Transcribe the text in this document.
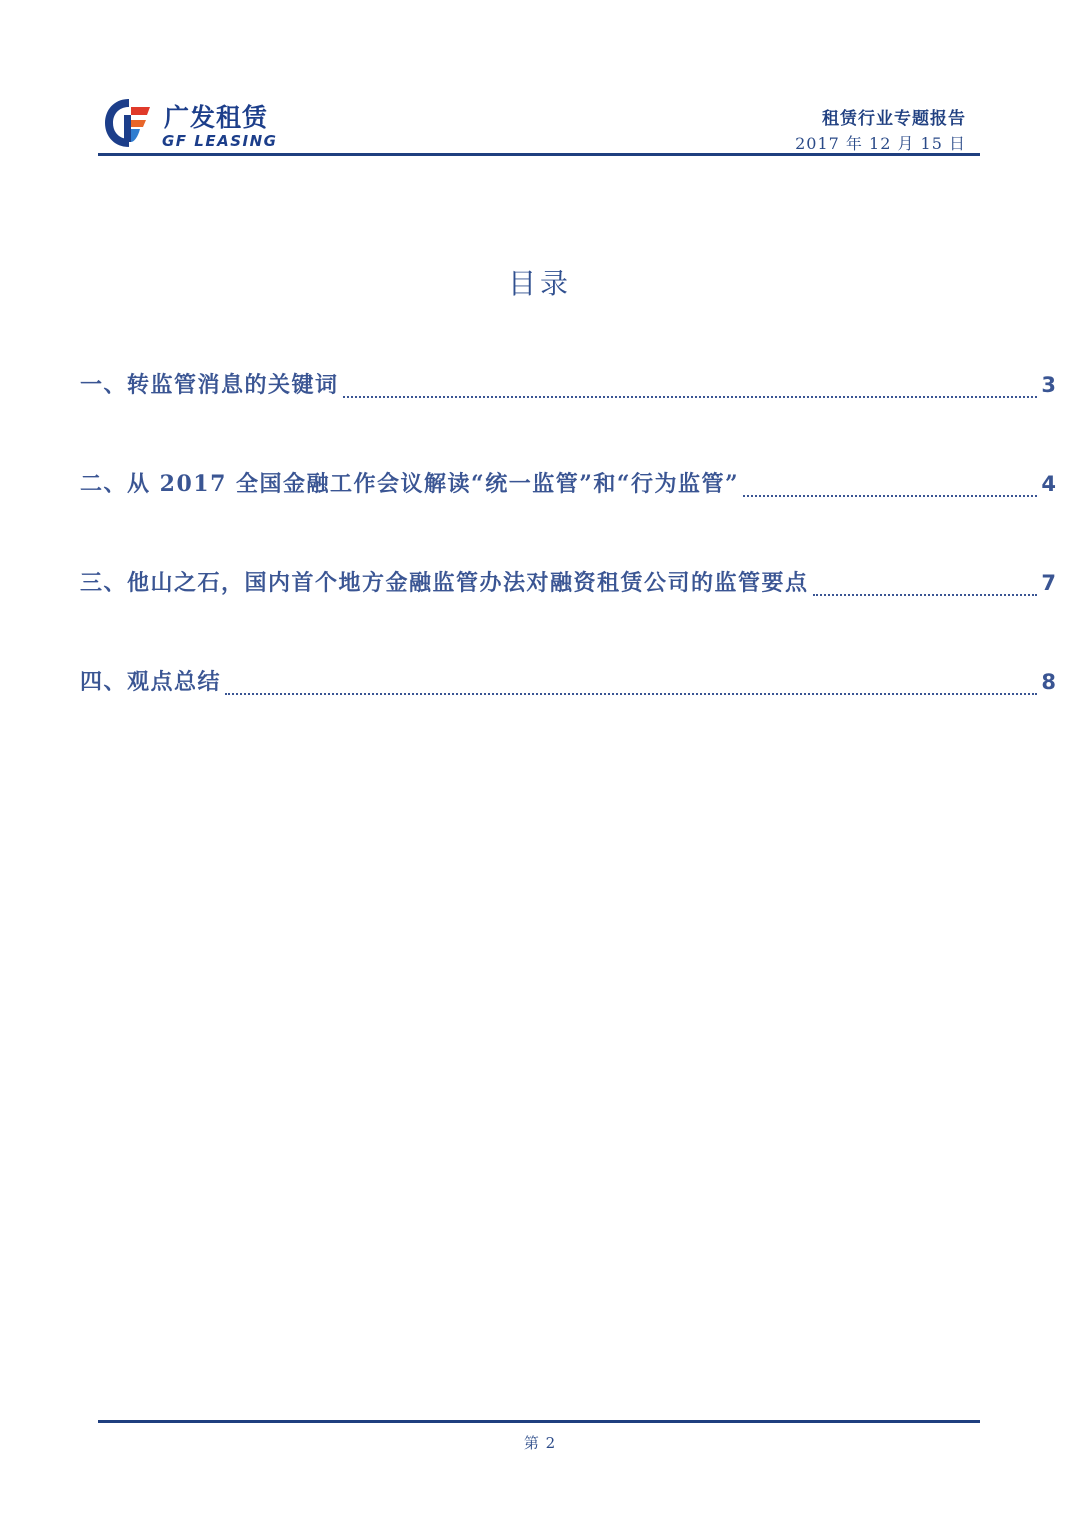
广发租赁
GF LEASING
租赁行业专题报告
2017 年 12 月 15 日
目录
一、转监管消息的关键词	3
二、从 2017 全国金融工作会议解读“统一监管”和“行为监管”	4
三、他山之石，国内首个地方金融监管办法对融资租赁公司的监管要点	7
四、观点总结	8
第 2
